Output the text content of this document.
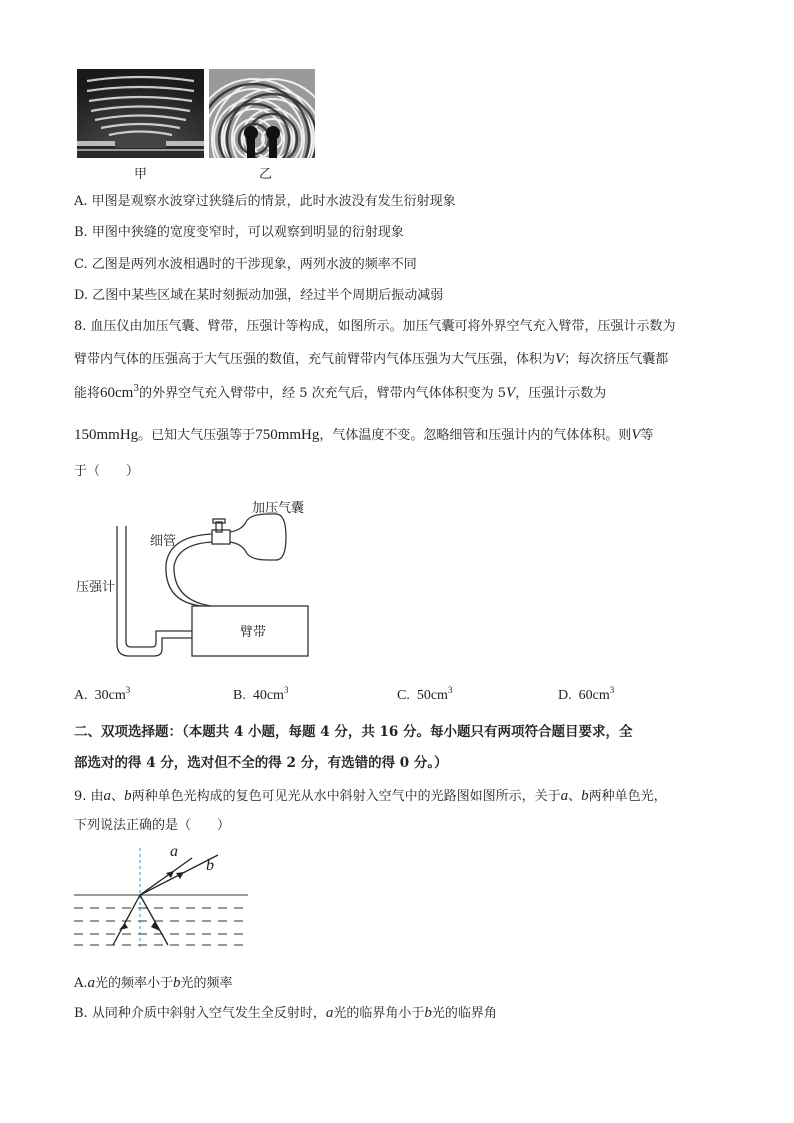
甲	乙
A. 甲图是观察水波穿过狭缝后的情景，此时水波没有发生衍射现象
B. 甲图中狭缝的宽度变窄时，可以观察到明显的衍射现象
C. 乙图是两列水波相遇时的干涉现象，两列水波的频率不同
D. 乙图中某些区域在某时刻振动加强，经过半个周期后振动减弱
8. 血压仪由加压气囊、臂带，压强计等构成，如图所示。加压气囊可将外界空气充入臂带，压强计示数为
臂带内气体的压强高于大气压强的数值，充气前臂带内气体压强为大气压强，体积为V；每次挤压气囊都
能将$60cm^3$的外界空气充入臂带中，经 5 次充气后，臂带内气体体积变为 5V，压强计示数为
150mmHg。已知大气压强等于750mmHg，气体温度不变。忽略细管和压强计内的气体体积。则V等
于（　　）
加压气囊
细管
压强计
臂带
A. $30cm^3$	B. $40cm^3$	C. $50cm^3$	D. $60cm^3$
二、双项选择题：（本题共 4 小题，每题 4 分，共 16 分。每小题只有两项符合题目要求，全
部选对的得 4 分，选对但不全的得 2 分，有选错的得 0 分。）
9. 由a、b两种单色光构成的复色可见光从水中斜射入空气中的光路图如图所示，关于a、b两种单色光，
下列说法正确的是（　　）
a
b
A.a光的频率小于b光的频率
B. 从同种介质中斜射入空气发生全反射时，a光的临界角小于b光的临界角
